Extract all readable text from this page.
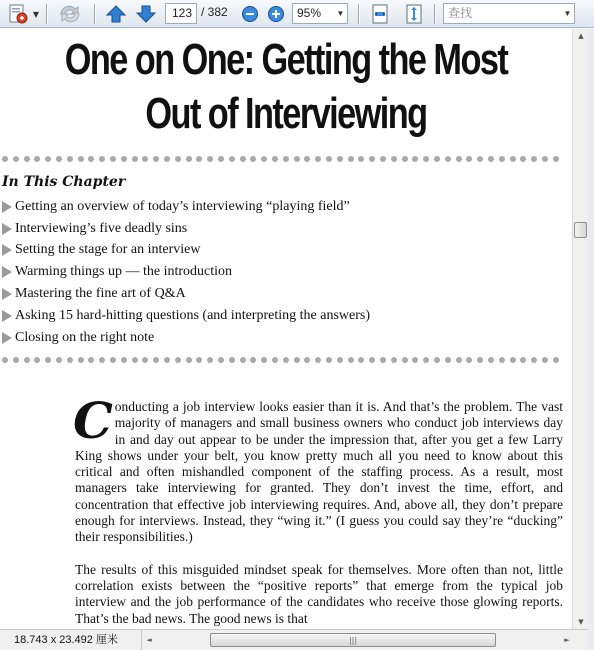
▼	123 / 382	95%	▼	查找	▼
One on One: Getting the Most
Out of Interviewing
In This Chapter
Getting an overview of today’s interviewing “playing field”
Interviewing’s five deadly sins
Setting the stage for an interview
Warming things up — the introduction
Mastering the fine art of Q&A
Asking 15 hard-hitting questions (and interpreting the answers)
Closing on the right note

Conducting a job interview looks easier than it is. And that’s the problem. The vast majority of managers and small business owners who conduct job interviews day in and day out appear to be under the impression that, after you get a few Larry King shows under your belt, you know pretty much all you need to know about this critical and often mishandled component of the staffing process. As a result, most managers take interviewing for granted. They don’t invest the time, effort, and concentration that effective job interviewing requires. And, above all, they don’t prepare enough for interviews. Instead, they “wing it.” (I guess you could say they’re “ducking” their responsibilities.)

The results of this misguided mindset speak for themselves. More often than not, little correlation exists between the “positive reports” that emerge from the typical job interview and the job performance of the candidates who receive those glowing reports. That’s the bad news. The good news is that

▲
▼
18.743 x 23.492 厘米	◄	|||	►
